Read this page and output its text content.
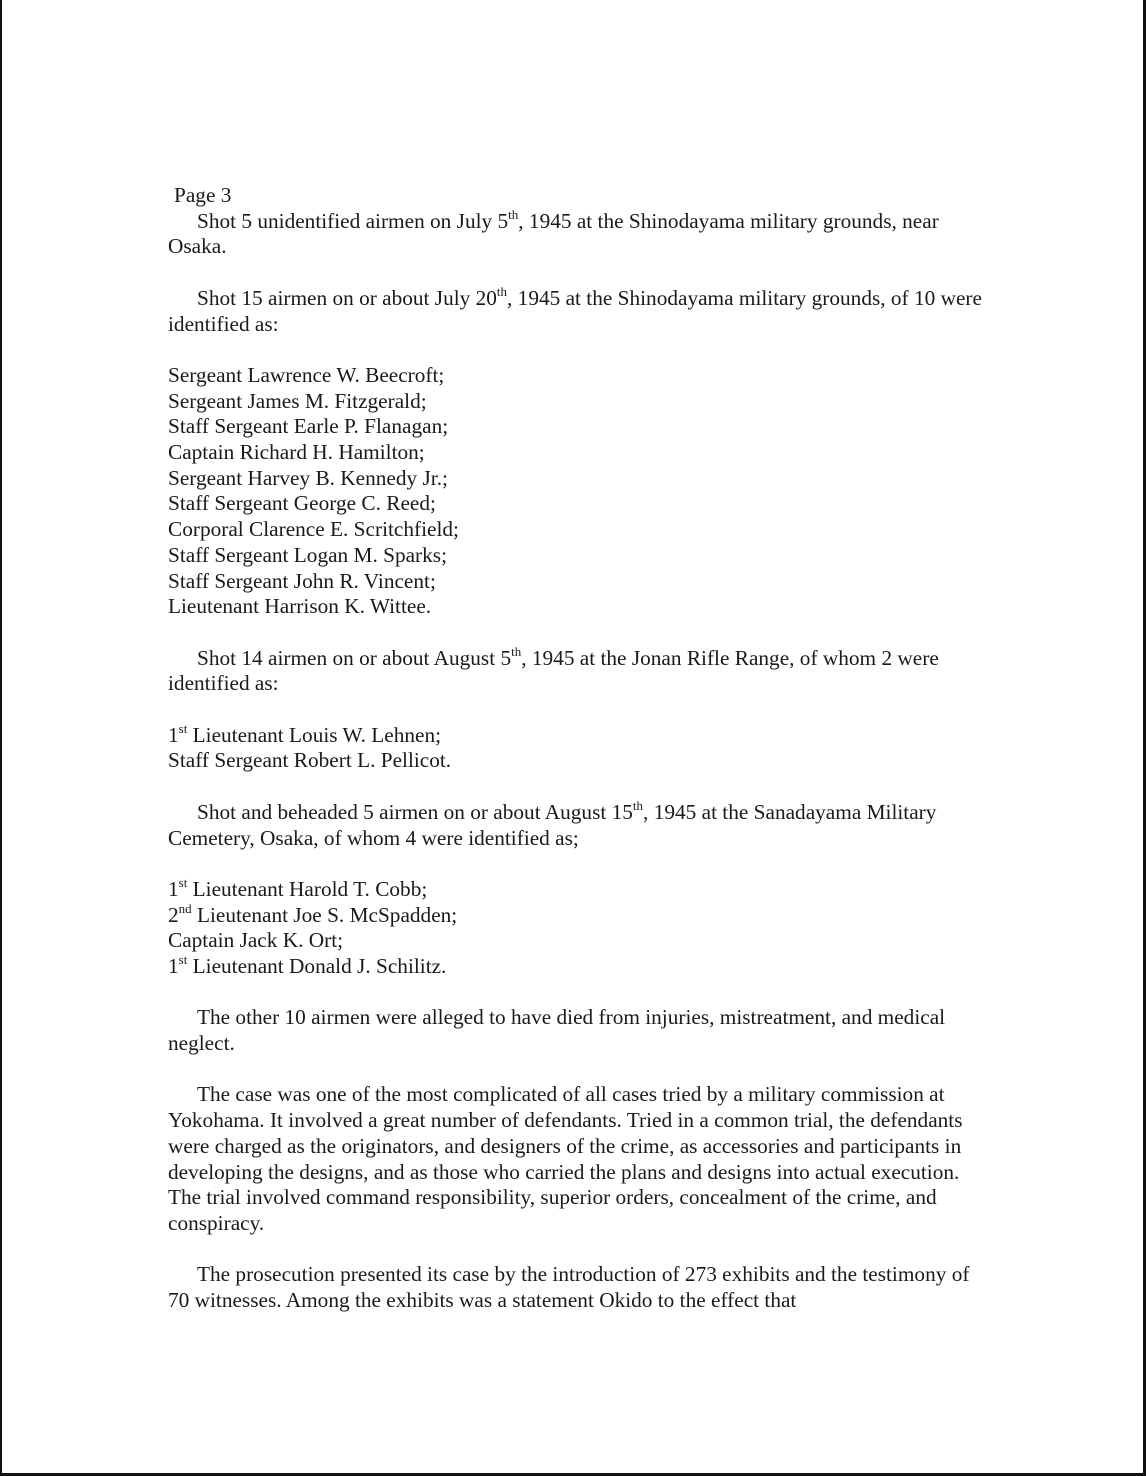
Page 3

Shot 5 unidentified airmen on July 5th, 1945 at the Shinodayama military grounds, near Osaka.

Shot 15 airmen on or about July 20th, 1945 at the Shinodayama military grounds, of 10 were identified as:

Sergeant Lawrence W. Beecroft;
Sergeant James M. Fitzgerald;
Staff Sergeant Earle P. Flanagan;
Captain Richard H. Hamilton;
Sergeant Harvey B. Kennedy Jr.;
Staff Sergeant George C. Reed;
Corporal Clarence E. Scritchfield;
Staff Sergeant Logan M. Sparks;
Staff Sergeant John R. Vincent;
Lieutenant Harrison K. Wittee.

Shot 14 airmen on or about August 5th, 1945 at the Jonan Rifle Range, of whom 2 were identified as:

1st Lieutenant Louis W. Lehnen;
Staff Sergeant Robert L. Pellicot.

Shot and beheaded 5 airmen on or about August 15th, 1945 at the Sanadayama Military Cemetery, Osaka, of whom 4 were identified as;

1st Lieutenant Harold T. Cobb;
2nd Lieutenant Joe S. McSpadden;
Captain Jack K. Ort;
1st Lieutenant Donald J. Schilitz.

The other 10 airmen were alleged to have died from injuries, mistreatment, and medical neglect.

The case was one of the most complicated of all cases tried by a military commission at Yokohama. It involved a great number of defendants. Tried in a common trial, the defendants were charged as the originators, and designers of the crime, as accessories and participants in developing the designs, and as those who carried the plans and designs into actual execution. The trial involved command responsibility, superior orders, concealment of the crime, and conspiracy.

The prosecution presented its case by the introduction of 273 exhibits and the testimony of 70 witnesses. Among the exhibits was a statement Okido to the effect that
